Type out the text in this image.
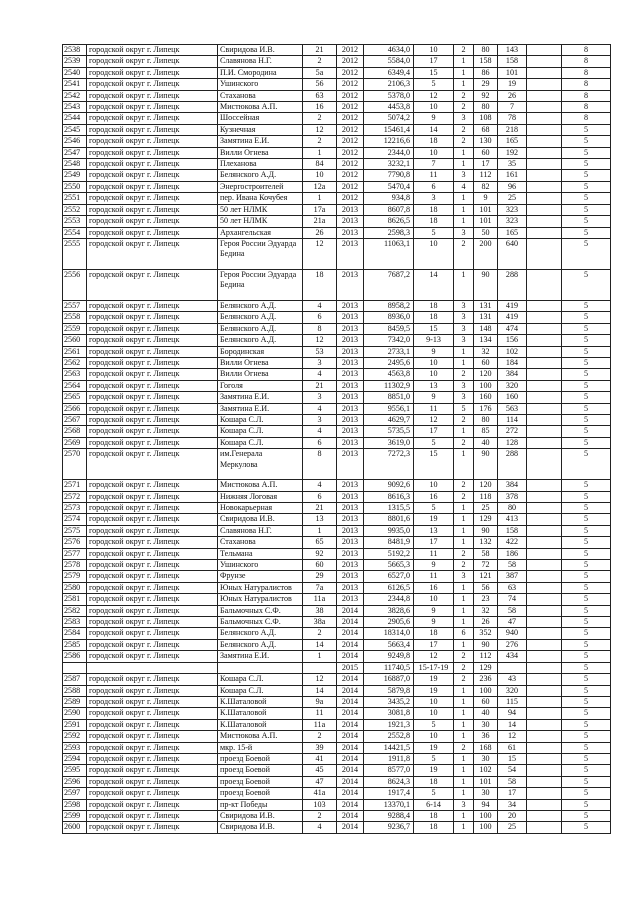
2538	городской округ г. Липецк	Свиридова И.В.	21	2012	4634,0	10	2	80	143		8
2539	городской округ г. Липецк	Славянова Н.Г.	2	2012	5584,0	17	1	158	158		8
2540	городской округ г. Липецк	П.И. Смородина	5а	2012	6349,4	15	1	86	101		8
2541	городской округ г. Липецк	Ушинского	56	2012	2106,3	5	1	29	19		8
2542	городской округ г. Липецк	Стаханова	63	2012	5378,0	12	2	92	26		8
2543	городской округ г. Липецк	Мистюкова А.П.	16	2012	4453,8	10	2	80	7		8
2544	городской округ г. Липецк	Шоссейная	2	2012	5074,2	9	3	108	78		8
2545	городской округ г. Липецк	Кузнечная	12	2012	15461,4	14	2	68	218		5
2546	городской округ г. Липецк	Замятина Е.И.	2	2012	12216,6	18	2	130	165		5
2547	городской округ г. Липецк	Вилли Огнева	1	2012	2344,0	10	1	60	192		5
2548	городской округ г. Липецк	Плеханова	84	2012	3232,1	7	1	17	35		5
2549	городской округ г. Липецк	Белянского А.Д.	10	2012	7790,8	11	3	112	161		5
2550	городской округ г. Липецк	Энергостроителей	12а	2012	5470,4	6	4	82	96		5
2551	городской округ г. Липецк	пер. Ивана Кочубея	1	2012	934,8	3	1	9	25		5
2552	городской округ г. Липецк	50 лет НЛМК	17а	2013	8607,8	18	1	101	323		5
2553	городской округ г. Липецк	50 лет НЛМК	21а	2013	8626,5	18	1	101	323		5
2554	городской округ г. Липецк	Архангельская	26	2013	2598,3	5	3	50	165		5
2555	городской округ г. Липецк	Героя России Эдуарда Бедина	12	2013	11063,1	10	2	200	640		5
2556	городской округ г. Липецк	Героя России Эдуарда Бедина	18	2013	7687,2	14	1	90	288		5
2557	городской округ г. Липецк	Белянского А.Д.	4	2013	8958,2	18	3	131	419		5
2558	городской округ г. Липецк	Белянского А.Д.	6	2013	8936,0	18	3	131	419		5
2559	городской округ г. Липецк	Белянского А.Д.	8	2013	8459,5	15	3	148	474		5
2560	городской округ г. Липецк	Белянского А.Д.	12	2013	7342,0	9-13	3	134	156		5
2561	городской округ г. Липецк	Бородинская	53	2013	2733,1	9	1	32	102		5
2562	городской округ г. Липецк	Вилли Огнева	3	2013	2495,6	10	1	60	184		5
2563	городской округ г. Липецк	Вилли Огнева	4	2013	4563,8	10	2	120	384		5
2564	городской округ г. Липецк	Гоголя	21	2013	11302,9	13	3	100	320		5
2565	городской округ г. Липецк	Замятина Е.И.	3	2013	8851,0	9	3	160	160		5
2566	городской округ г. Липецк	Замятина Е.И.	4	2013	9556,1	11	5	176	563		5
2567	городской округ г. Липецк	Кошара С.Л.	3	2013	4629,7	12	2	80	114		5
2568	городской округ г. Липецк	Кошара С.Л.	4	2013	5735,5	17	1	85	272		5
2569	городской округ г. Липецк	Кошара С.Л.	6	2013	3619,0	5	2	40	128		5
2570	городской округ г. Липецк	им.Генерала Меркулова	8	2013	7272,3	15	1	90	288		5
2571	городской округ г. Липецк	Мистюкова А.П.	4	2013	9092,6	10	2	120	384		5
2572	городской округ г. Липецк	Нижняя Логовая	6	2013	8616,3	16	2	118	378		5
2573	городской округ г. Липецк	Новокарьерная	21	2013	1315,5	5	1	25	80		5
2574	городской округ г. Липецк	Свиридова И.В.	13	2013	8801,6	19	1	129	413		5
2575	городской округ г. Липецк	Славянова Н.Г.	1	2013	9935,0	13	1	90	158		5
2576	городской округ г. Липецк	Стаханова	65	2013	8481,9	17	1	132	422		5
2577	городской округ г. Липецк	Тельмана	92	2013	5192,2	11	2	58	186		5
2578	городской округ г. Липецк	Ушинского	60	2013	5665,3	9	2	72	58		5
2579	городской округ г. Липецк	Фрунзе	29	2013	6527,0	11	3	121	387		5
2580	городской округ г. Липецк	Юных Натуралистов	7а	2013	6126,5	16	1	56	63		5
2581	городской округ г. Липецк	Юных Натуралистов	11а	2013	2344,8	10	1	23	74		5
2582	городской округ г. Липецк	Бальмочных С.Ф.	38	2014	3828,6	9	1	32	58		5
2583	городской округ г. Липецк	Бальмочных С.Ф.	38а	2014	2905,6	9	1	26	47		5
2584	городской округ г. Липецк	Белянского А.Д.	2	2014	18314,0	18	6	352	940		5
2585	городской округ г. Липецк	Белянского А.Д.	14	2014	5663,4	17	1	90	276		5
2586	городской округ г. Липецк	Замятина Е.И.	1	2014	9249,8	12	2	112	434		5
				2015	11740,5	15-17-19	2	129			5
2587	городской округ г. Липецк	Кошара С.Л.	12	2014	16887,0	19	2	236	43		5
2588	городской округ г. Липецк	Кошара С.Л.	14	2014	5879,8	19	1	100	320		5
2589	городской округ г. Липецк	К.Шаталовой	9а	2014	3435,2	10	1	60	115		5
2590	городской округ г. Липецк	К.Шаталовой	11	2014	3081,8	10	1	40	94		5
2591	городской округ г. Липецк	К.Шаталовой	11а	2014	1921,3	5	1	30	14		5
2592	городской округ г. Липецк	Мистюкова А.П.	2	2014	2552,8	10	1	36	12		5
2593	городской округ г. Липецк	мкр. 15-й	39	2014	14421,5	19	2	168	61		5
2594	городской округ г. Липецк	проезд Боевой	41	2014	1911,8	5	1	30	15		5
2595	городской округ г. Липецк	проезд Боевой	45	2014	8577,0	19	1	102	54		5
2596	городской округ г. Липецк	проезд Боевой	47	2014	8624,3	18	1	101	58		5
2597	городской округ г. Липецк	проезд Боевой	41а	2014	1917,4	5	1	30	17		5
2598	городской округ г. Липецк	пр-кт Победы	103	2014	13370,1	6-14	3	94	34		5
2599	городской округ г. Липецк	Свиридова И.В.	2	2014	9288,4	18	1	100	20		5
2600	городской округ г. Липецк	Свиридова И.В.	4	2014	9236,7	18	1	100	25		5
